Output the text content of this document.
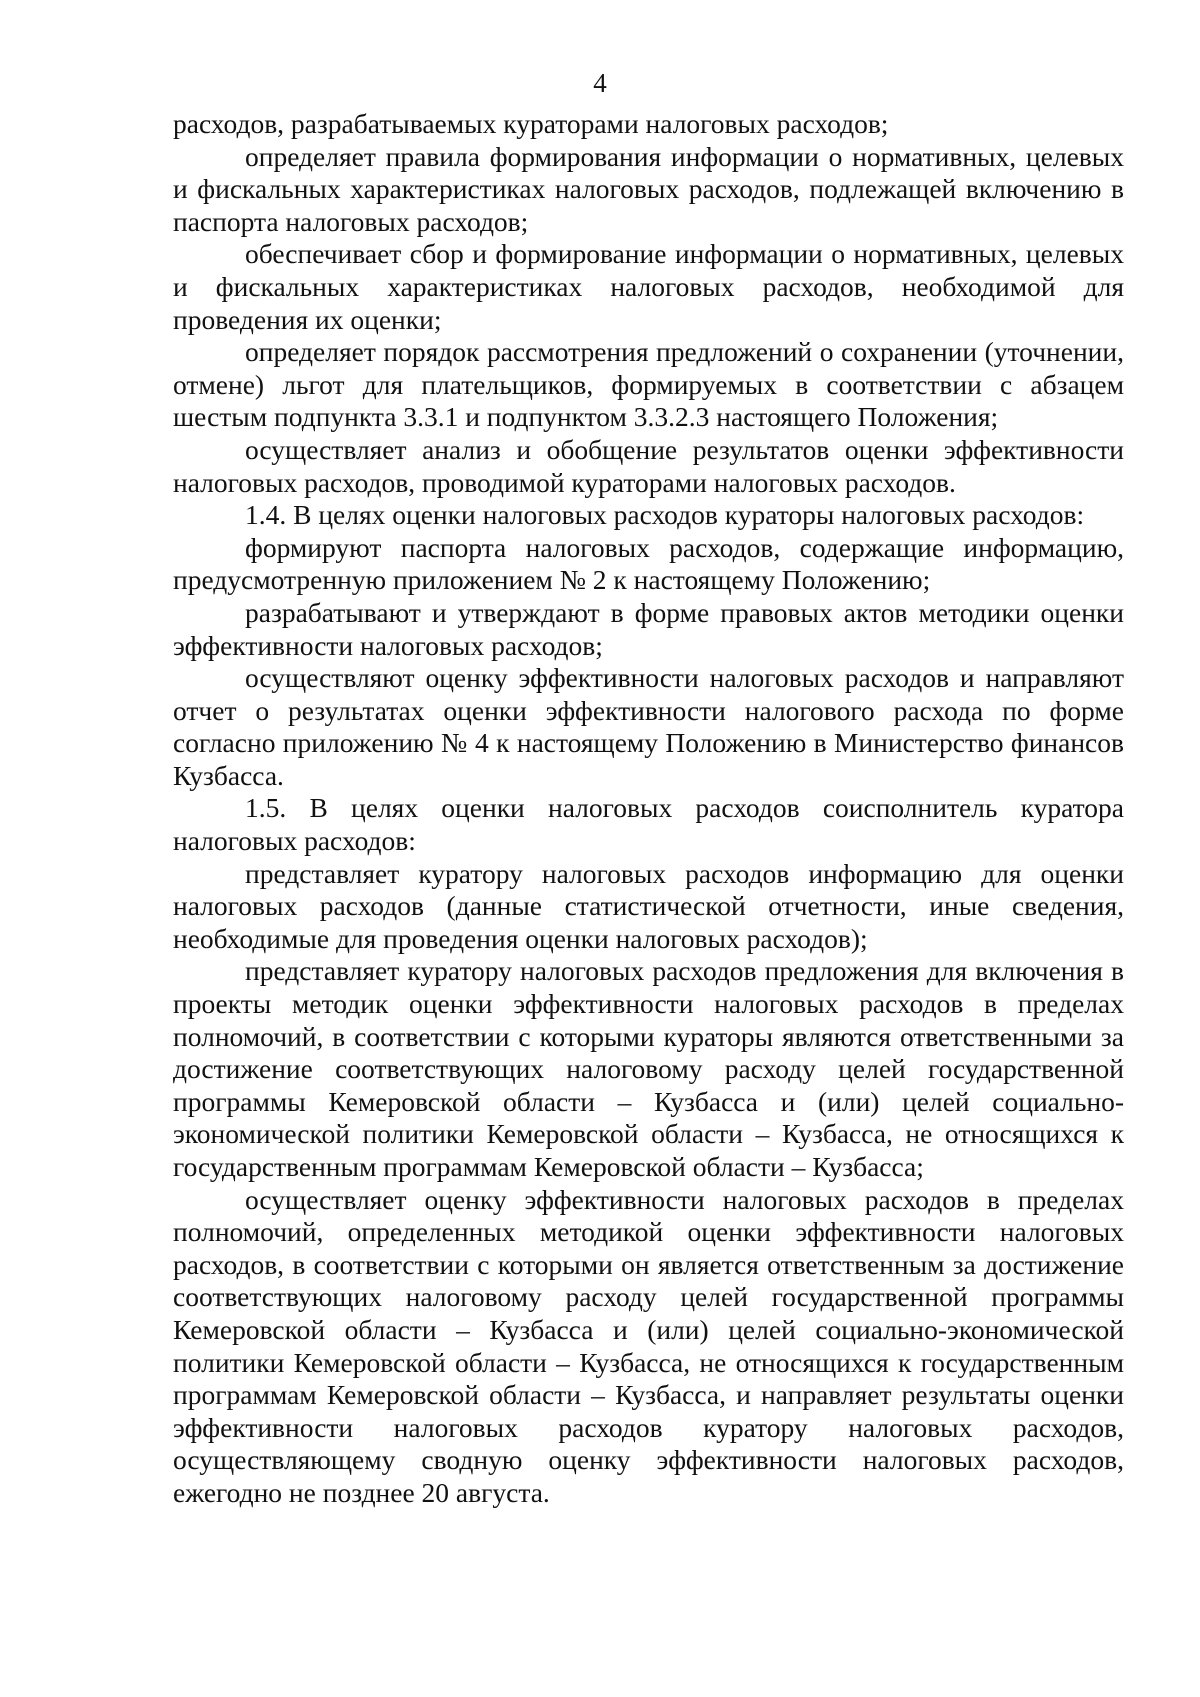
4

расходов, разрабатываемых кураторами налоговых расходов;

определяет правила формирования информации о нормативных, целевых и фискальных характеристиках налоговых расходов, подлежащей включению в паспорта налоговых расходов;

обеспечивает сбор и формирование информации о нормативных, целевых и фискальных характеристиках налоговых расходов, необходимой для проведения их оценки;

определяет порядок рассмотрения предложений о сохранении (уточнении, отмене) льгот для плательщиков, формируемых в соответствии с абзацем шестым подпункта 3.3.1 и подпунктом 3.3.2.3 настоящего Положения;

осуществляет анализ и обобщение результатов оценки эффективности налоговых расходов, проводимой кураторами налоговых расходов.

1.4. В целях оценки налоговых расходов кураторы налоговых расходов:

формируют паспорта налоговых расходов, содержащие информацию, предусмотренную приложением № 2 к настоящему Положению;

разрабатывают и утверждают в форме правовых актов методики оценки эффективности налоговых расходов;

осуществляют оценку эффективности налоговых расходов и направляют отчет о результатах оценки эффективности налогового расхода по форме согласно приложению № 4 к настоящему Положению в Министерство финансов Кузбасса.

1.5. В целях оценки налоговых расходов соисполнитель куратора налоговых расходов:

представляет куратору налоговых расходов информацию для оценки налоговых расходов (данные статистической отчетности, иные сведения, необходимые для проведения оценки налоговых расходов);

представляет куратору налоговых расходов предложения для включения в проекты методик оценки эффективности налоговых расходов в пределах полномочий, в соответствии с которыми кураторы являются ответственными за достижение соответствующих налоговому расходу целей государственной программы Кемеровской области – Кузбасса и (или) целей социально-экономической политики Кемеровской области – Кузбасса, не относящихся к государственным программам Кемеровской области – Кузбасса;

осуществляет оценку эффективности налоговых расходов в пределах полномочий, определенных методикой оценки эффективности налоговых расходов, в соответствии с которыми он является ответственным за достижение соответствующих налоговому расходу целей государственной программы Кемеровской области – Кузбасса и (или) целей социально-экономической политики Кемеровской области – Кузбасса, не относящихся к государственным программам Кемеровской области – Кузбасса, и направляет результаты оценки эффективности налоговых расходов куратору налоговых расходов, осуществляющему сводную оценку эффективности налоговых расходов, ежегодно не позднее 20 августа.
